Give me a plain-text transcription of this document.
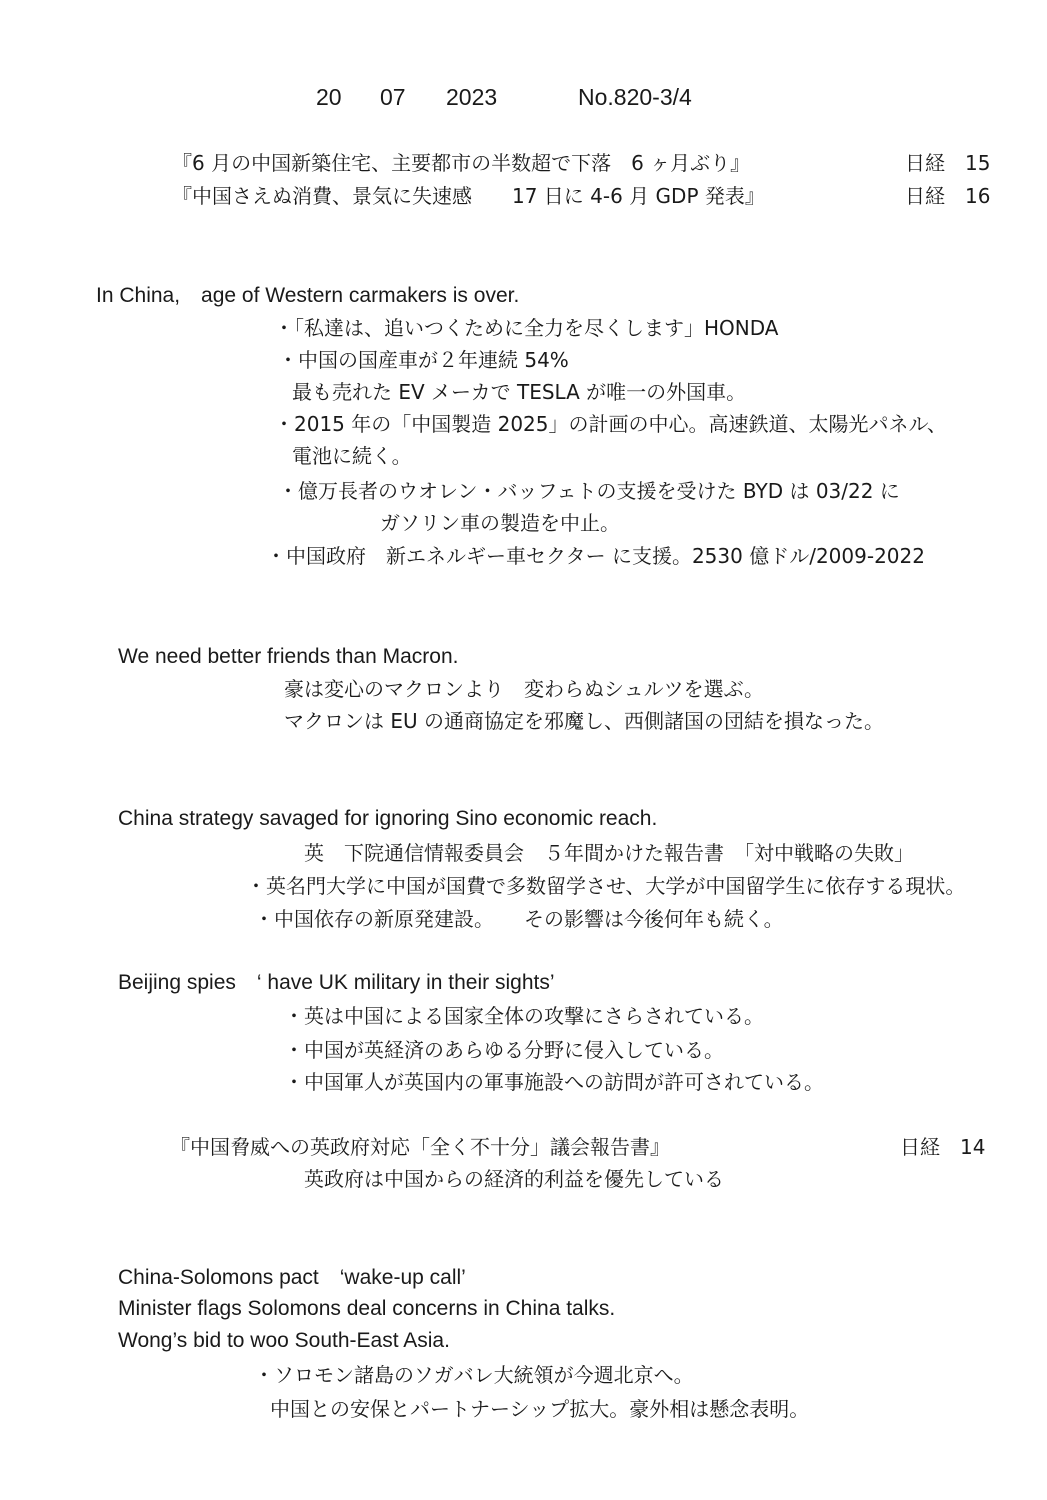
20 07 2023	No.820-3/4
『6 月の中国新築住宅、主要都市の半数超で下落　6 ヶ月ぶり』	日経　15
『中国さえぬ消費、景気に失速感　　17 日に 4-6 月 GDP 発表』	日経　16
In China,　age of Western carmakers is over.
・「私達は、追いつくために全力を尽くします」HONDA
・中国の国産車が２年連続 54%
最も売れた EV メーカで TESLA が唯一の外国車。
・2015 年の「中国製造 2025」の計画の中心。高速鉄道、太陽光パネル、
電池に続く。
・億万長者のウオレン・バッフェトの支援を受けた BYD は 03/22 に
ガソリン車の製造を中止。
・中国政府　新エネルギー車セクター に支援。2530 億ドル/2009-2022
We need better friends than Macron.
豪は変心のマクロンより　変わらぬシュルツを選ぶ。
マクロンは EU の通商協定を邪魔し、西側諸国の団結を損なった。
China strategy savaged for ignoring Sino economic reach.
英　下院通信情報委員会　５年間かけた報告書　「対中戦略の失敗」
・英名門大学に中国が国費で多数留学させ、大学が中国留学生に依存する現状。
・中国依存の新原発建設。　　その影響は今後何年も続く。
Beijing spies　‘ have UK military in their sights’
・英は中国による国家全体の攻撃にさらされている。
・中国が英経済のあらゆる分野に侵入している。
・中国軍人が英国内の軍事施設への訪問が許可されている。
『中国脅威への英政府対応「全く不十分」議会報告書』	日経　14
英政府は中国からの経済的利益を優先している
China-Solomons pact　‘wake-up call’
Minister flags Solomons deal concerns in China talks.
Wong’s bid to woo South-East Asia.
・ソロモン諸島のソガバレ大統領が今週北京へ。
中国との安保とパートナーシップ拡大。豪外相は懸念表明。
